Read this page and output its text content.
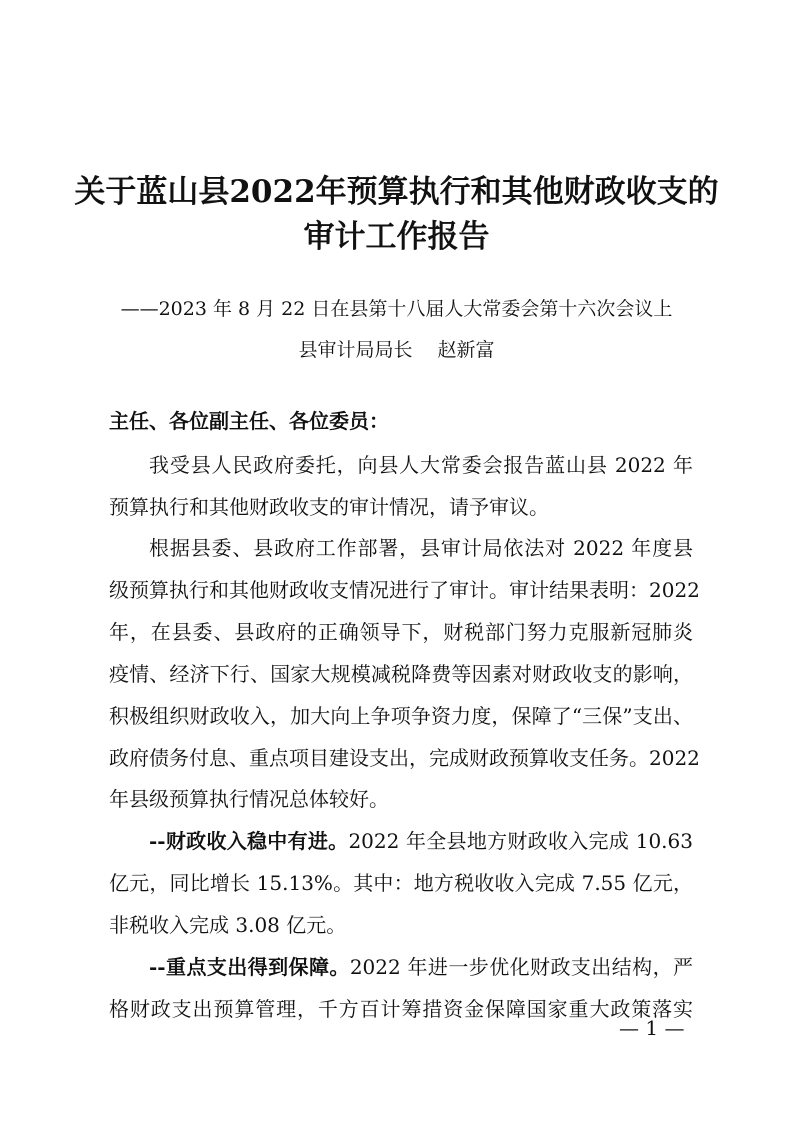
关于蓝山县2022年预算执行和其他财政收支的
审计工作报告
——2023 年 8 月 22 日在县第十八届人大常委会第十六次会议上
县审计局局长　 赵新富
主任、各位副主任、各位委员：
我受县人民政府委托，向县人大常委会报告蓝山县 2022 年
预算执行和其他财政收支的审计情况，请予审议。
根据县委、县政府工作部署，县审计局依法对 2022 年度县
级预算执行和其他财政收支情况进行了审计。审计结果表明：2022
年，在县委、县政府的正确领导下，财税部门努力克服新冠肺炎
疫情、经济下行、国家大规模减税降费等因素对财政收支的影响，
积极组织财政收入，加大向上争项争资力度，保障了“三保”支出、
政府债务付息、重点项目建设支出，完成财政预算收支任务。2022
年县级预算执行情况总体较好。
--财政收入稳中有进。2022 年全县地方财政收入完成 10.63
亿元，同比增长 15.13%。其中：地方税收收入完成 7.55 亿元，
非税收入完成 3.08 亿元。
--重点支出得到保障。2022 年进一步优化财政支出结构，严
格财政支出预算管理，千方百计筹措资金保障国家重大政策落实
— 1 —
